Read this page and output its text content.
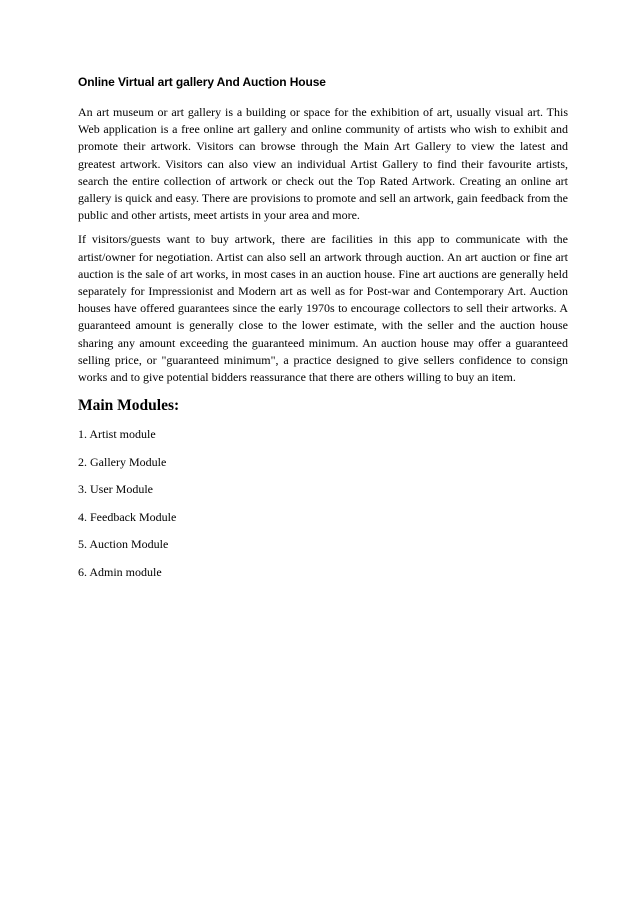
Online Virtual art gallery And Auction House

An art museum or art gallery is a building or space for the exhibition of art, usually visual art. This Web application is a free online art gallery and online community of artists who wish to exhibit and promote their artwork. Visitors can browse through the Main Art Gallery to view the latest and greatest artwork. Visitors can also view an individual Artist Gallery to find their favourite artists, search the entire collection of artwork or check out the Top Rated Artwork. Creating an online art gallery is quick and easy. There are provisions to promote and sell an artwork, gain feedback from the public and other artists, meet artists in your area and more.

If visitors/guests want to buy artwork, there are facilities in this app to communicate with the artist/owner for negotiation. Artist can also sell an artwork through auction. An art auction or fine art auction is the sale of art works, in most cases in an auction house. Fine art auctions are generally held separately for Impressionist and Modern art as well as for Post-war and Contemporary Art. Auction houses have offered guarantees since the early 1970s to encourage collectors to sell their artworks. A guaranteed amount is generally close to the lower estimate, with the seller and the auction house sharing any amount exceeding the guaranteed minimum. An auction house may offer a guaranteed selling price, or "guaranteed minimum", a practice designed to give sellers confidence to consign works and to give potential bidders reassurance that there are others willing to buy an item.

Main Modules:
1. Artist module
2. Gallery Module
3. User Module
4. Feedback Module
5. Auction Module
6. Admin module
